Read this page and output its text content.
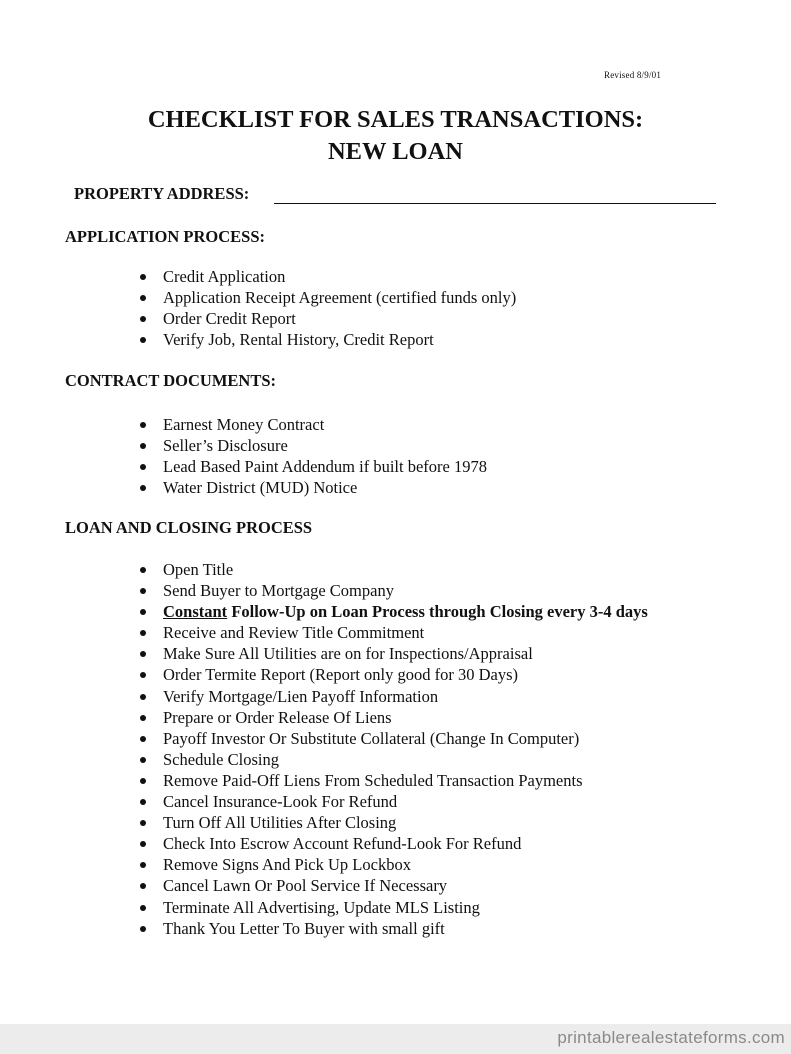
Revised 8/9/01
CHECKLIST FOR SALES TRANSACTIONS:
NEW LOAN
PROPERTY ADDRESS:
APPLICATION PROCESS:
Credit Application
Application Receipt Agreement (certified funds only)
Order Credit Report
Verify Job, Rental History, Credit Report
CONTRACT DOCUMENTS:
Earnest Money Contract
Seller’s Disclosure
Lead Based Paint Addendum if built before 1978
Water District (MUD) Notice
LOAN AND CLOSING PROCESS
Open Title
Send Buyer to Mortgage Company
Constant Follow-Up on Loan Process through Closing every 3-4 days
Receive and Review Title Commitment
Make Sure All Utilities are on for Inspections/Appraisal
Order Termite Report (Report only good for 30 Days)
Verify Mortgage/Lien Payoff Information
Prepare or Order Release Of Liens
Payoff Investor Or Substitute Collateral (Change In Computer)
Schedule Closing
Remove Paid-Off Liens From Scheduled Transaction Payments
Cancel Insurance-Look For Refund
Turn Off All Utilities After Closing
Check Into Escrow Account Refund-Look For Refund
Remove Signs And Pick Up Lockbox
Cancel Lawn Or Pool Service If Necessary
Terminate All Advertising, Update MLS Listing
Thank You Letter To Buyer with small gift
printablerealestateforms.com
